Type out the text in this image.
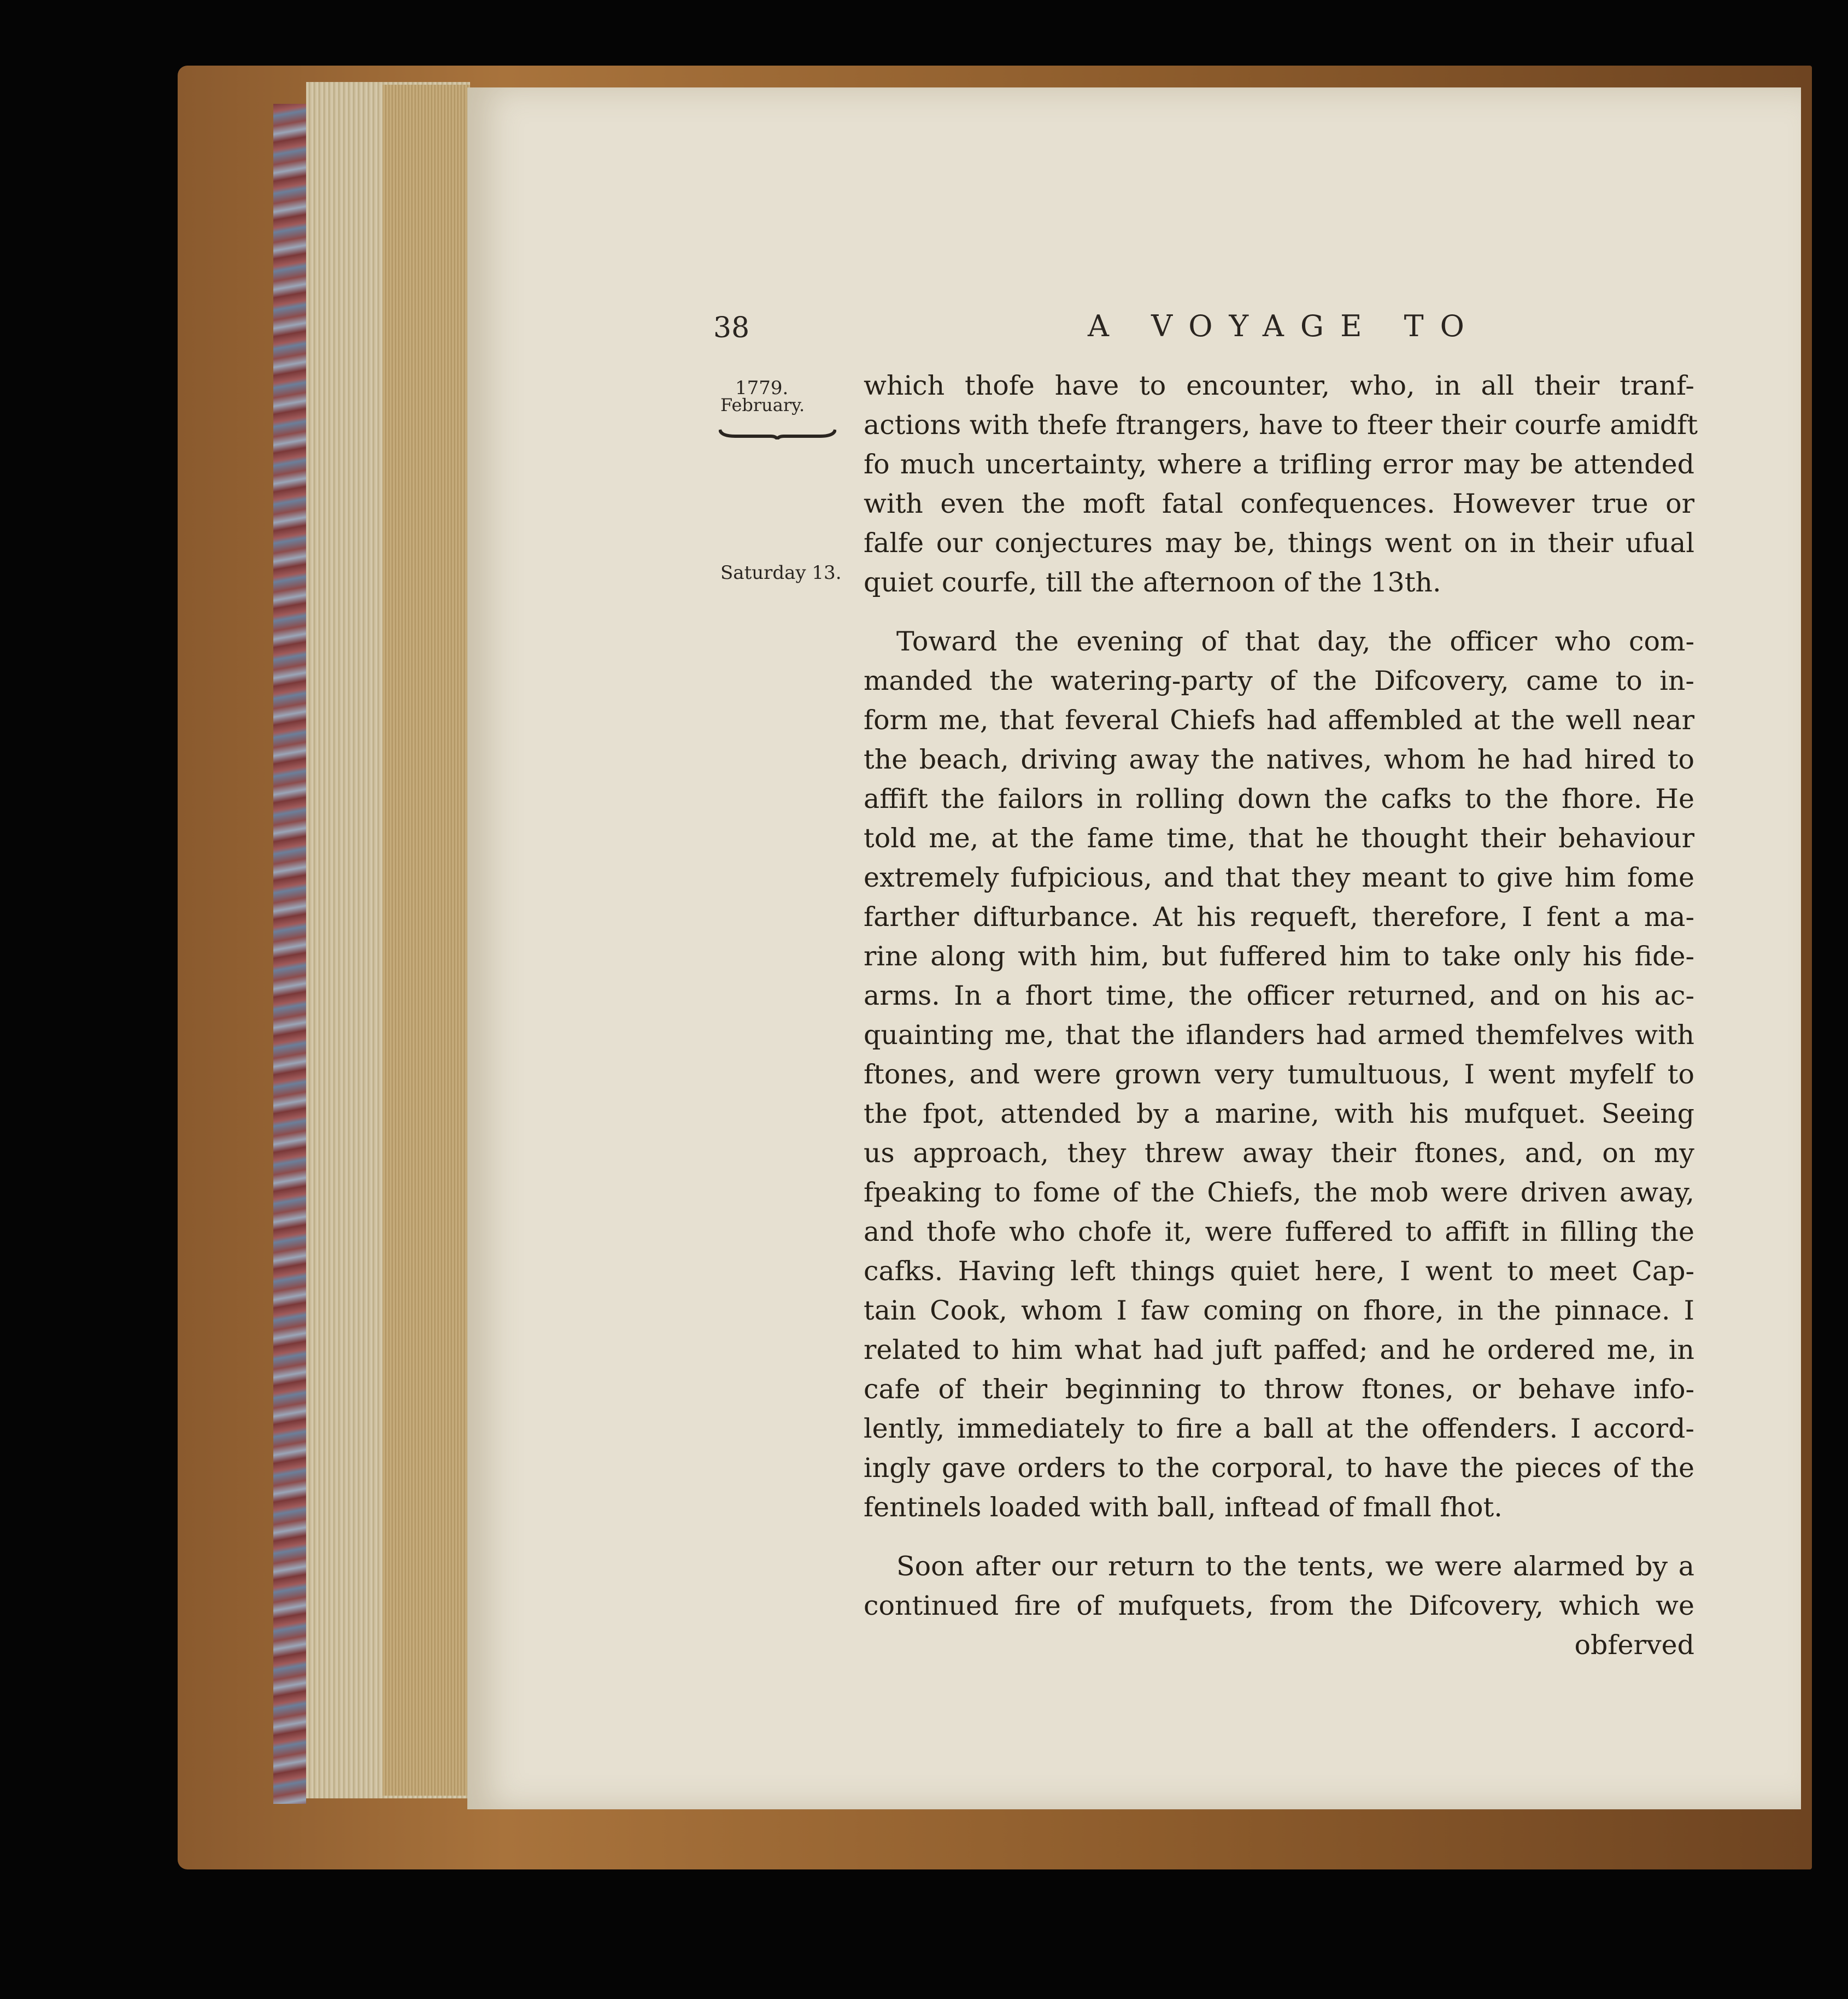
38	A VOYAGE TO
1779.
February.
Saturday 13.
which thofe have to encounter, who, in all their tranf-
actions with thefe ftrangers, have to fteer their courfe amidft
fo much uncertainty, where a trifling error may be attended
with even the moft fatal confequences. However true or
falfe our conjectures may be, things went on in their ufual
quiet courfe, till the afternoon of the 13th.
Toward the evening of that day, the officer who com-
manded the watering-party of the Difcovery, came to in-
form me, that feveral Chiefs had affembled at the well near
the beach, driving away the natives, whom he had hired to
affift the failors in rolling down the cafks to the fhore. He
told me, at the fame time, that he thought their behaviour
extremely fufpicious, and that they meant to give him fome
farther difturbance. At his requeft, therefore, I fent a ma-
rine along with him, but fuffered him to take only his fide-
arms. In a fhort time, the officer returned, and on his ac-
quainting me, that the iflanders had armed themfelves with
ftones, and were grown very tumultuous, I went myfelf to
the fpot, attended by a marine, with his mufquet. Seeing
us approach, they threw away their ftones, and, on my
fpeaking to fome of the Chiefs, the mob were driven away,
and thofe who chofe it, were fuffered to affift in filling the
cafks. Having left things quiet here, I went to meet Cap-
tain Cook, whom I faw coming on fhore, in the pinnace. I
related to him what had juft paffed; and he ordered me, in
cafe of their beginning to throw ftones, or behave info-
lently, immediately to fire a ball at the offenders. I accord-
ingly gave orders to the corporal, to have the pieces of the
fentinels loaded with ball, inftead of fmall fhot.
Soon after our return to the tents, we were alarmed by a
continued fire of mufquets, from the Difcovery, which we
obferved
